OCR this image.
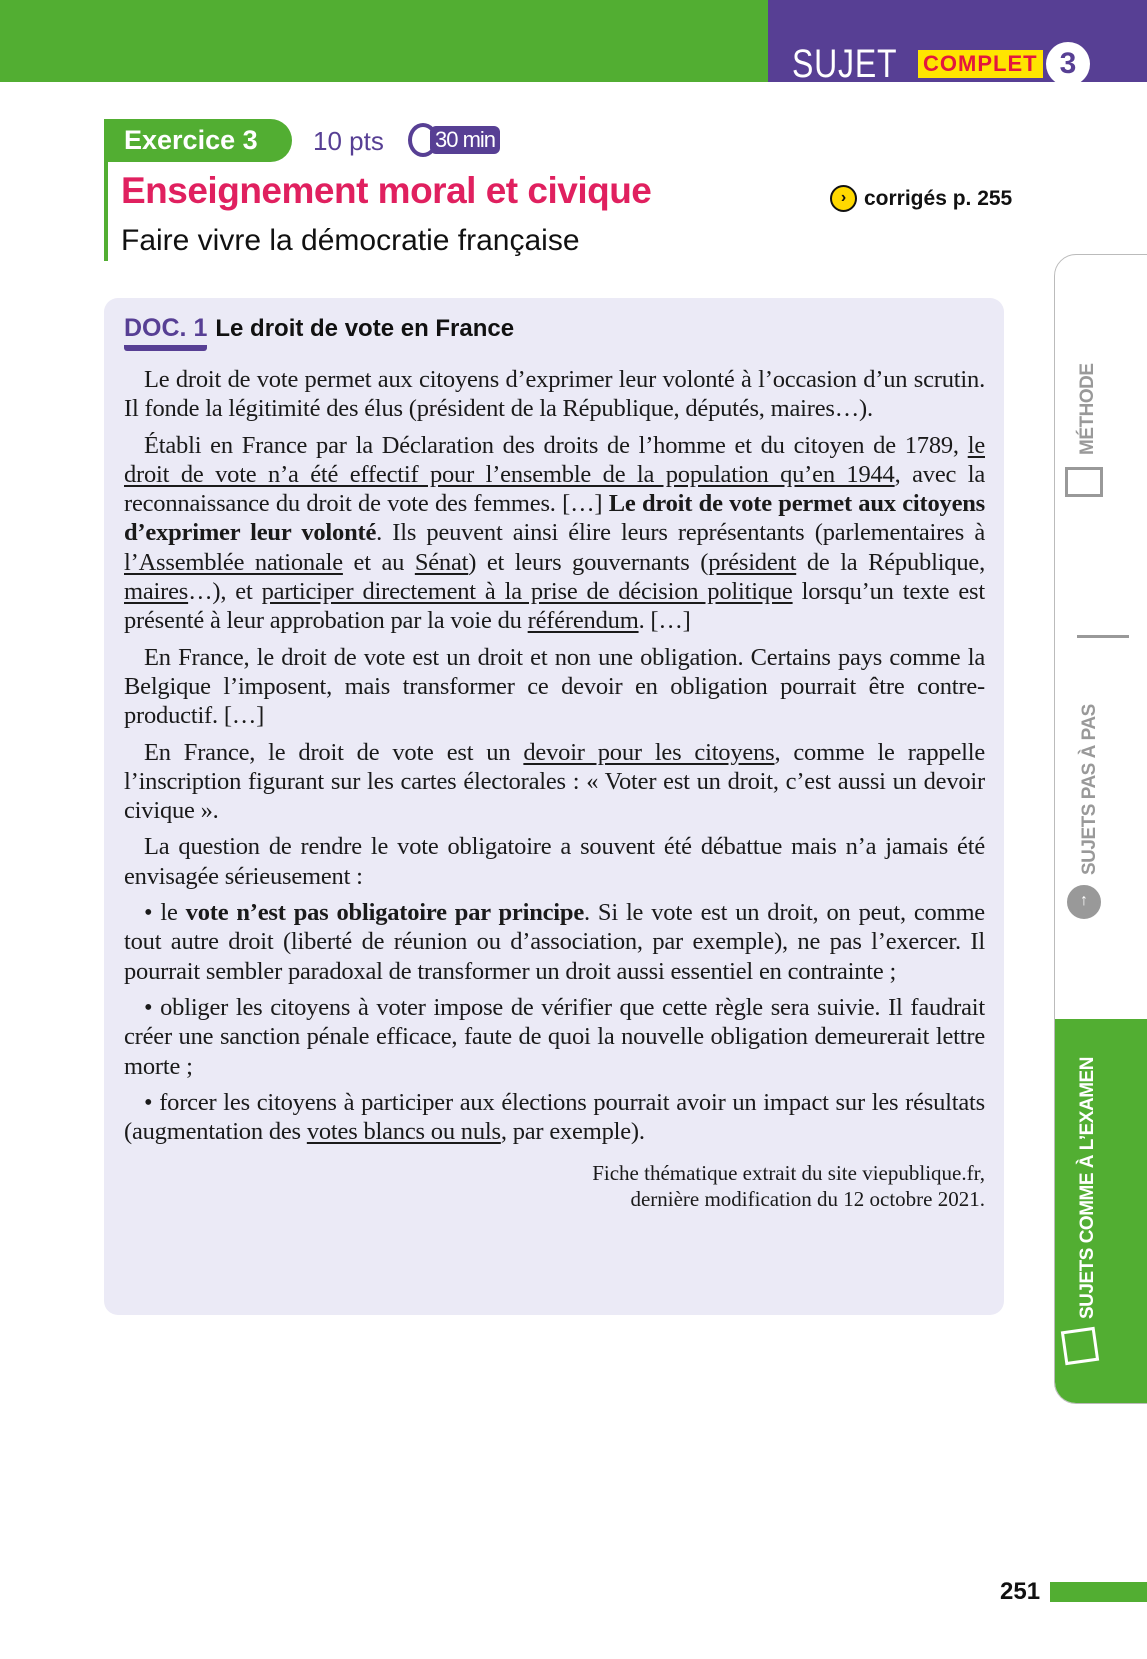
SUJET COMPLET 3
Exercice 3	10 pts 30 min
Enseignement moral et civique
Faire vivre la démocratie française
› corrigés p. 255
DOC. 1 Le droit de vote en France

Le droit de vote permet aux citoyens d’exprimer leur volonté à l’occasion d’un scrutin. Il fonde la légitimité des élus (président de la République, députés, maires…).

Établi en France par la Déclaration des droits de l’homme et du citoyen de 1789, le droit de vote n’a été effectif pour l’ensemble de la population qu’en 1944, avec la reconnaissance du droit de vote des femmes. […] Le droit de vote permet aux citoyens d’exprimer leur volonté. Ils peuvent ainsi élire leurs représentants (parlementaires à l’Assemblée nationale et au Sénat) et leurs gouvernants (président de la République, maires…), et participer directement à la prise de décision politique lorsqu’un texte est présenté à leur approbation par la voie du référendum. […]

En France, le droit de vote est un droit et non une obligation. Certains pays comme la Belgique l’imposent, mais transformer ce devoir en obligation pourrait être contre-productif. […]

En France, le droit de vote est un devoir pour les citoyens, comme le rappelle l’inscription figurant sur les cartes électorales : « Voter est un droit, c’est aussi un devoir civique ».

La question de rendre le vote obligatoire a souvent été débattue mais n’a jamais été envisagée sérieusement :

• le vote n’est pas obligatoire par principe. Si le vote est un droit, on peut, comme tout autre droit (liberté de réunion ou d’association, par exemple), ne pas l’exercer. Il pourrait sembler paradoxal de transformer un droit aussi essentiel en contrainte ;

• obliger les citoyens à voter impose de vérifier que cette règle sera suivie. Il faudrait créer une sanction pénale efficace, faute de quoi la nouvelle obligation demeurerait lettre morte ;

• forcer les citoyens à participer aux élections pourrait avoir un impact sur les résultats (augmentation des votes blancs ou nuls, par exemple).

Fiche thématique extrait du site viepublique.fr,
dernière modification du 12 octobre 2021.
MÉTHODE
SUJETS PAS À PAS
↑
SUJETS COMME À L’EXAMEN
251
